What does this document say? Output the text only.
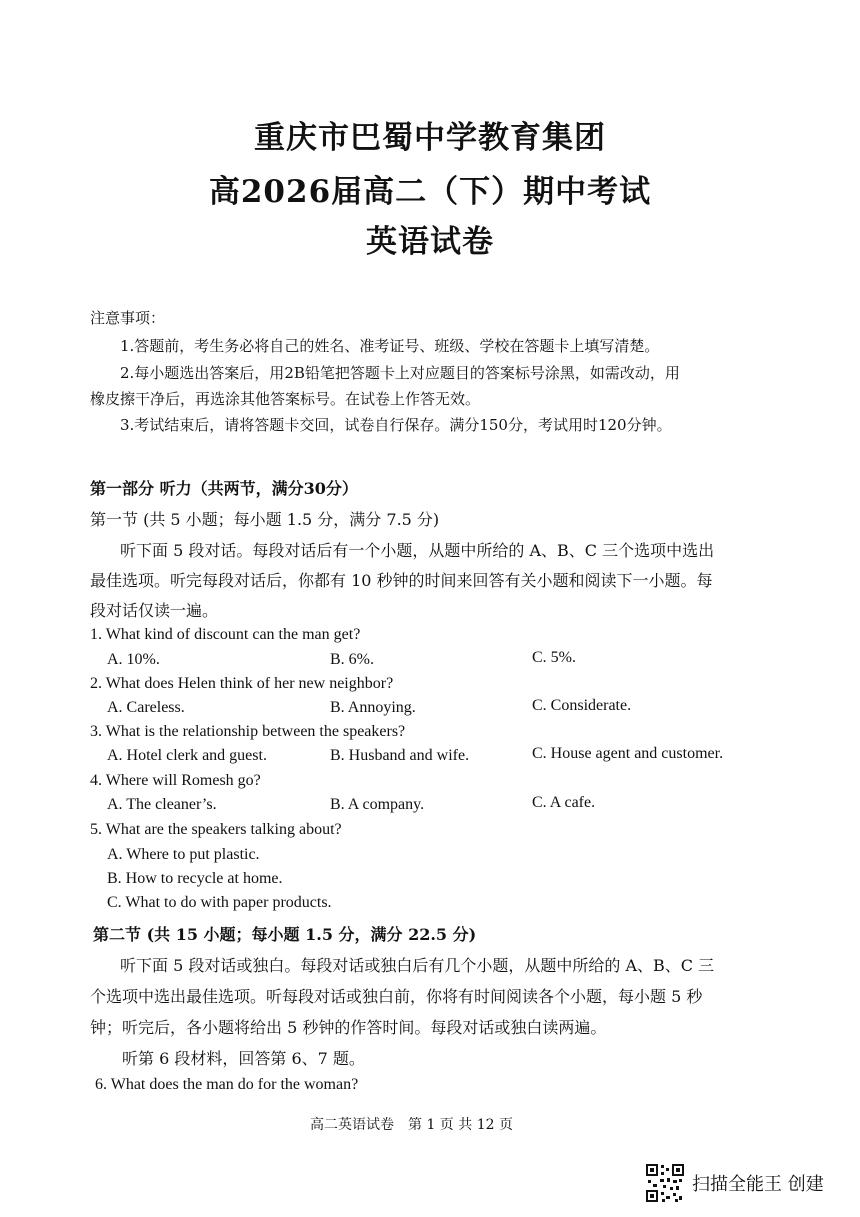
重庆市巴蜀中学教育集团
高2026届高二（下）期中考试
英语试卷
注意事项：
1.答题前，考生务必将自己的姓名、准考证号、班级、学校在答题卡上填写清楚。
2.每小题选出答案后，用2B铅笔把答题卡上对应题目的答案标号涂黑，如需改动，用
橡皮擦干净后，再选涂其他答案标号。在试卷上作答无效。
3.考试结束后，请将答题卡交回，试卷自行保存。满分150分，考试用时120分钟。
第一部分 听力（共两节，满分30分）
第一节 (共 5 小题；每小题 1.5 分，满分 7.5 分)
听下面 5 段对话。每段对话后有一个小题，从题中所给的 A、B、C 三个选项中选出
最佳选项。听完每段对话后，你都有 10 秒钟的时间来回答有关小题和阅读下一小题。每
段对话仅读一遍。
1. What kind of discount can the man get?
A. 10%.	B. 6%.	C. 5%.
2. What does Helen think of her new neighbor?
A. Careless.	B. Annoying.	C. Considerate.
3. What is the relationship between the speakers?
A. Hotel clerk and guest.	B. Husband and wife.	C. House agent and customer.
4. Where will Romesh go?
A. The cleaner’s.	B. A company.	C. A cafe.
5. What are the speakers talking about?
A. Where to put plastic.
B. How to recycle at home.
C. What to do with paper products.
第二节 (共 15 小题；每小题 1.5 分，满分 22.5 分)
听下面 5 段对话或独白。每段对话或独白后有几个小题，从题中所给的 A、B、C 三
个选项中选出最佳选项。听每段对话或独白前，你将有时间阅读各个小题，每小题 5 秒
钟；听完后，各小题将给出 5 秒钟的作答时间。每段对话或独白读两遍。
听第 6 段材料，回答第 6、7 题。
6. What does the man do for the woman?
高二英语试卷　第 1 页 共 12 页
扫描全能王 创建
